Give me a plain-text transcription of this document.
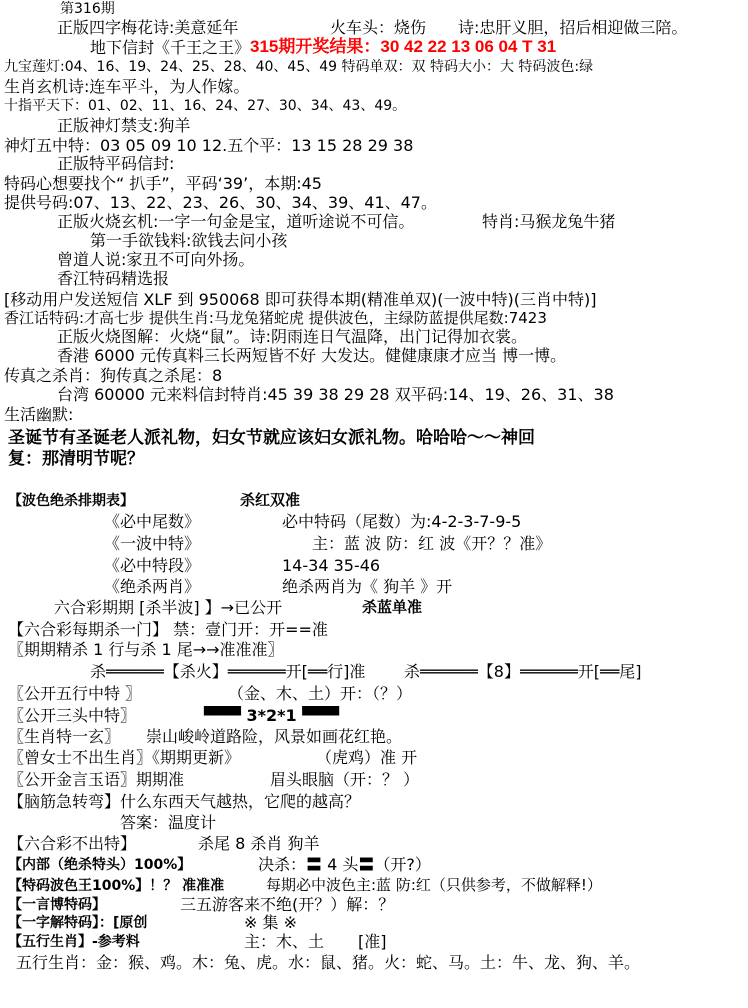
第316期
正版四字梅花诗:美意延年	火车头：烧伤 诗:忠肝义胆，招后相迎做三陪。
地下信封《千王之王》 315期开奖结果：30 42 22 13 06 04 T 31
九宝莲灯:04、16、19、24、25、28、40、45、49 特码单双：双 特码大小：大 特码波色:绿
生肖玄机诗:连车平斗，为人作嫁。
十指平天下：01、02、11、16、24、27、30、34、43、49。
正版神灯禁支:狗羊
神灯五中特：03 05 09 10 12.五个平：13 15 28 29 38
正版特平码信封:
特码心想要找个“ 扒手”，平码‘39’，本期:45
提供号码:07、13、22、23、26、30、34、39、41、47。
正版火烧玄机:一字一句金是宝，道听途说不可信。	特肖:马猴龙兔牛猪
第一手欲钱料:欲钱去问小孩
曾道人说:家丑不可向外扬。
香江特码精选报
[移动用户发送短信 XLF 到 950068 即可获得本期(精准单双)(一波中特)(三肖中特)]
香江话特码:才高七步 提供生肖:马龙兔猪蛇虎 提供波色，主绿防蓝提供尾数:7423
正版火烧图解：火烧“鼠”。诗:阴雨连日气温降，出门记得加衣裳。
香港 6000 元传真料三长两短皆不好 大发达。健健康康才应当 博一博。
传真之杀肖：狗传真之杀尾：8
台湾 60000 元来料信封特肖:45 39 38 29 28 双平码:14、19、26、31、38
生活幽默:
圣诞节有圣诞老人派礼物，妇女节就应该妇女派礼物。哈哈哈～～神回
复：那清明节呢？
【波色绝杀排期表】	杀红双准
《必中尾数》	必中特码（尾数）为:4-2-3-7-9-5
《一波中特》	主：蓝 波 防：红 波《开？？准》
《必中特段》	14-34 35-46
《绝杀两肖》	绝杀两肖为《 狗羊 》开
六合彩期期 [杀半波] 】→已公开	杀蓝单准
【六合彩每期杀一门】 禁：壹门开：开==准
〖期期精杀 1 行与杀 1 尾→→准准准〗
杀══════【杀火】══════开[══行]准 杀══════【8】══════开[══尾]
〖公开五行中特 〗	（金、木、土）开：（？）
〖公开三头中特〗	▀▀▀ 3*2*1 ▀▀▀
〖生肖特一玄〗 崇山峻岭道路险，风景如画花红艳。
〖曾女士不出生肖〗《期期更新》	（虎鸡）准 开
〖公开金言玉语〗期期准	眉头眼脑（开：？ ）
【脑筋急转弯】 什么东西天气越热，它爬的越高？
答案：温度计
【六合彩不出特】	杀尾 8 杀肖 狗羊
【内部（绝杀特头）100%】	决杀：〓 4 头〓（开?）
【特码波色王100%】！？ 准准准	每期必中波色主:蓝 防:红（只供参考，不做解释!）
【一言博特码】	三五游客来不绝(开？）解：？
【一字解特码】：[原创	※ 集 ※
【五行生肖】-参考料	主：木、土 [准]
五行生肖：金：猴、鸡。木：兔、虎。水：鼠、猪。火：蛇、马。土：牛、龙、狗、羊。
